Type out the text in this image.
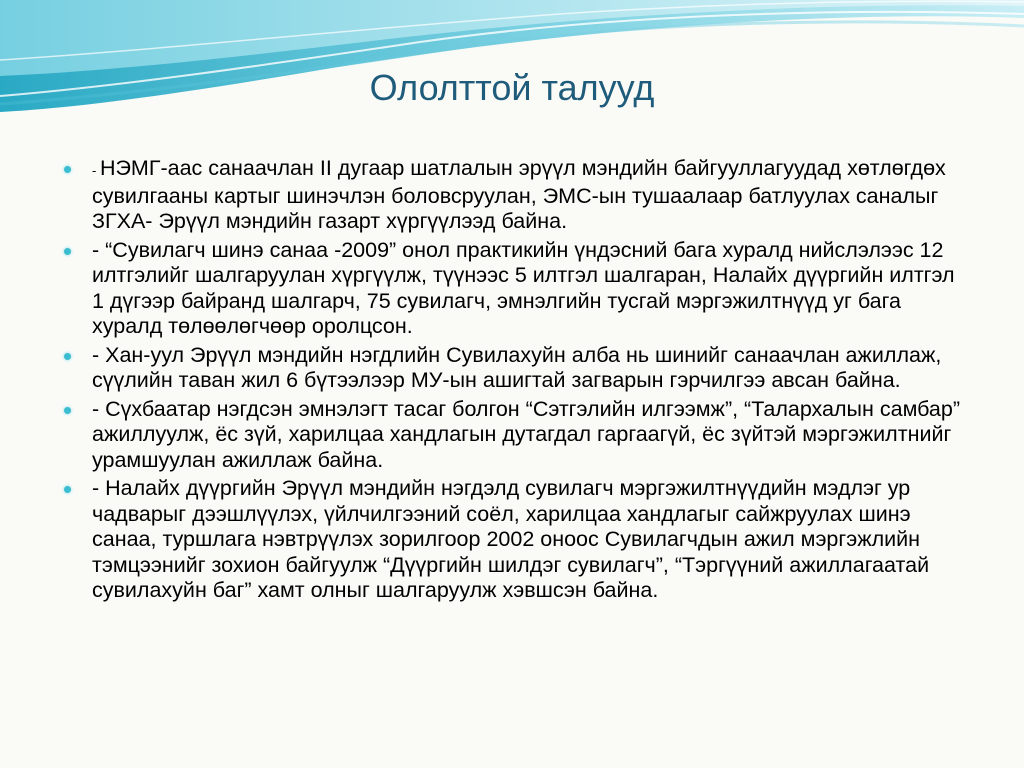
Ололттой талууд
- НЭМГ-аас санаачлан II дугаар шатлалын эрүүл мэндийн байгууллагуудад хөтлөгдөх сувилгааны картыг шинэчлэн боловсруулан, ЭМС-ын тушаалаар батлуулах саналыг ЗГХА- Эрүүл мэндийн газарт хүргүүлээд байна.
- “Сувилагч шинэ санаа -2009” онол практикийн үндэсний бага хуралд нийслэлээс 12 илтгэлийг шалгаруулан хүргүүлж, түүнээс 5 илтгэл шалгаран, Налайх дүүргийн илтгэл 1 дүгээр байранд шалгарч, 75 сувилагч, эмнэлгийн тусгай мэргэжилтнүүд уг бага хуралд төлөөлөгчөөр оролцсон.
- Хан-уул Эрүүл мэндийн нэгдлийн Сувилахуйн алба нь шинийг санаачлан ажиллаж, сүүлийн таван жил 6 бүтээлээр МУ-ын ашигтай загварын гэрчилгээ авсан байна.
- Сүхбаатар нэгдсэн эмнэлэгт тасаг болгон “Сэтгэлийн илгээмж”, “Талархалын самбар” ажиллуулж, ёс зүй, харилцаа хандлагын дутагдал гаргаагүй, ёс зүйтэй мэргэжилтнийг урамшуулан ажиллаж байна.
- Налайх дүүргийн Эрүүл мэндийн нэгдэлд сувилагч мэргэжилтнүүдийн мэдлэг ур чадварыг дээшлүүлэх, үйлчилгээний соёл, харилцаа хандлагыг сайжруулах шинэ санаа, туршлага нэвтрүүлэх зорилгоор 2002 оноос Сувилагчдын ажил мэргэжлийн тэмцээнийг зохион байгуулж “Дүүргийн шилдэг сувилагч”, “Тэргүүний ажиллагаатай сувилахуйн баг” хамт олныг шалгаруулж хэвшсэн байна.
